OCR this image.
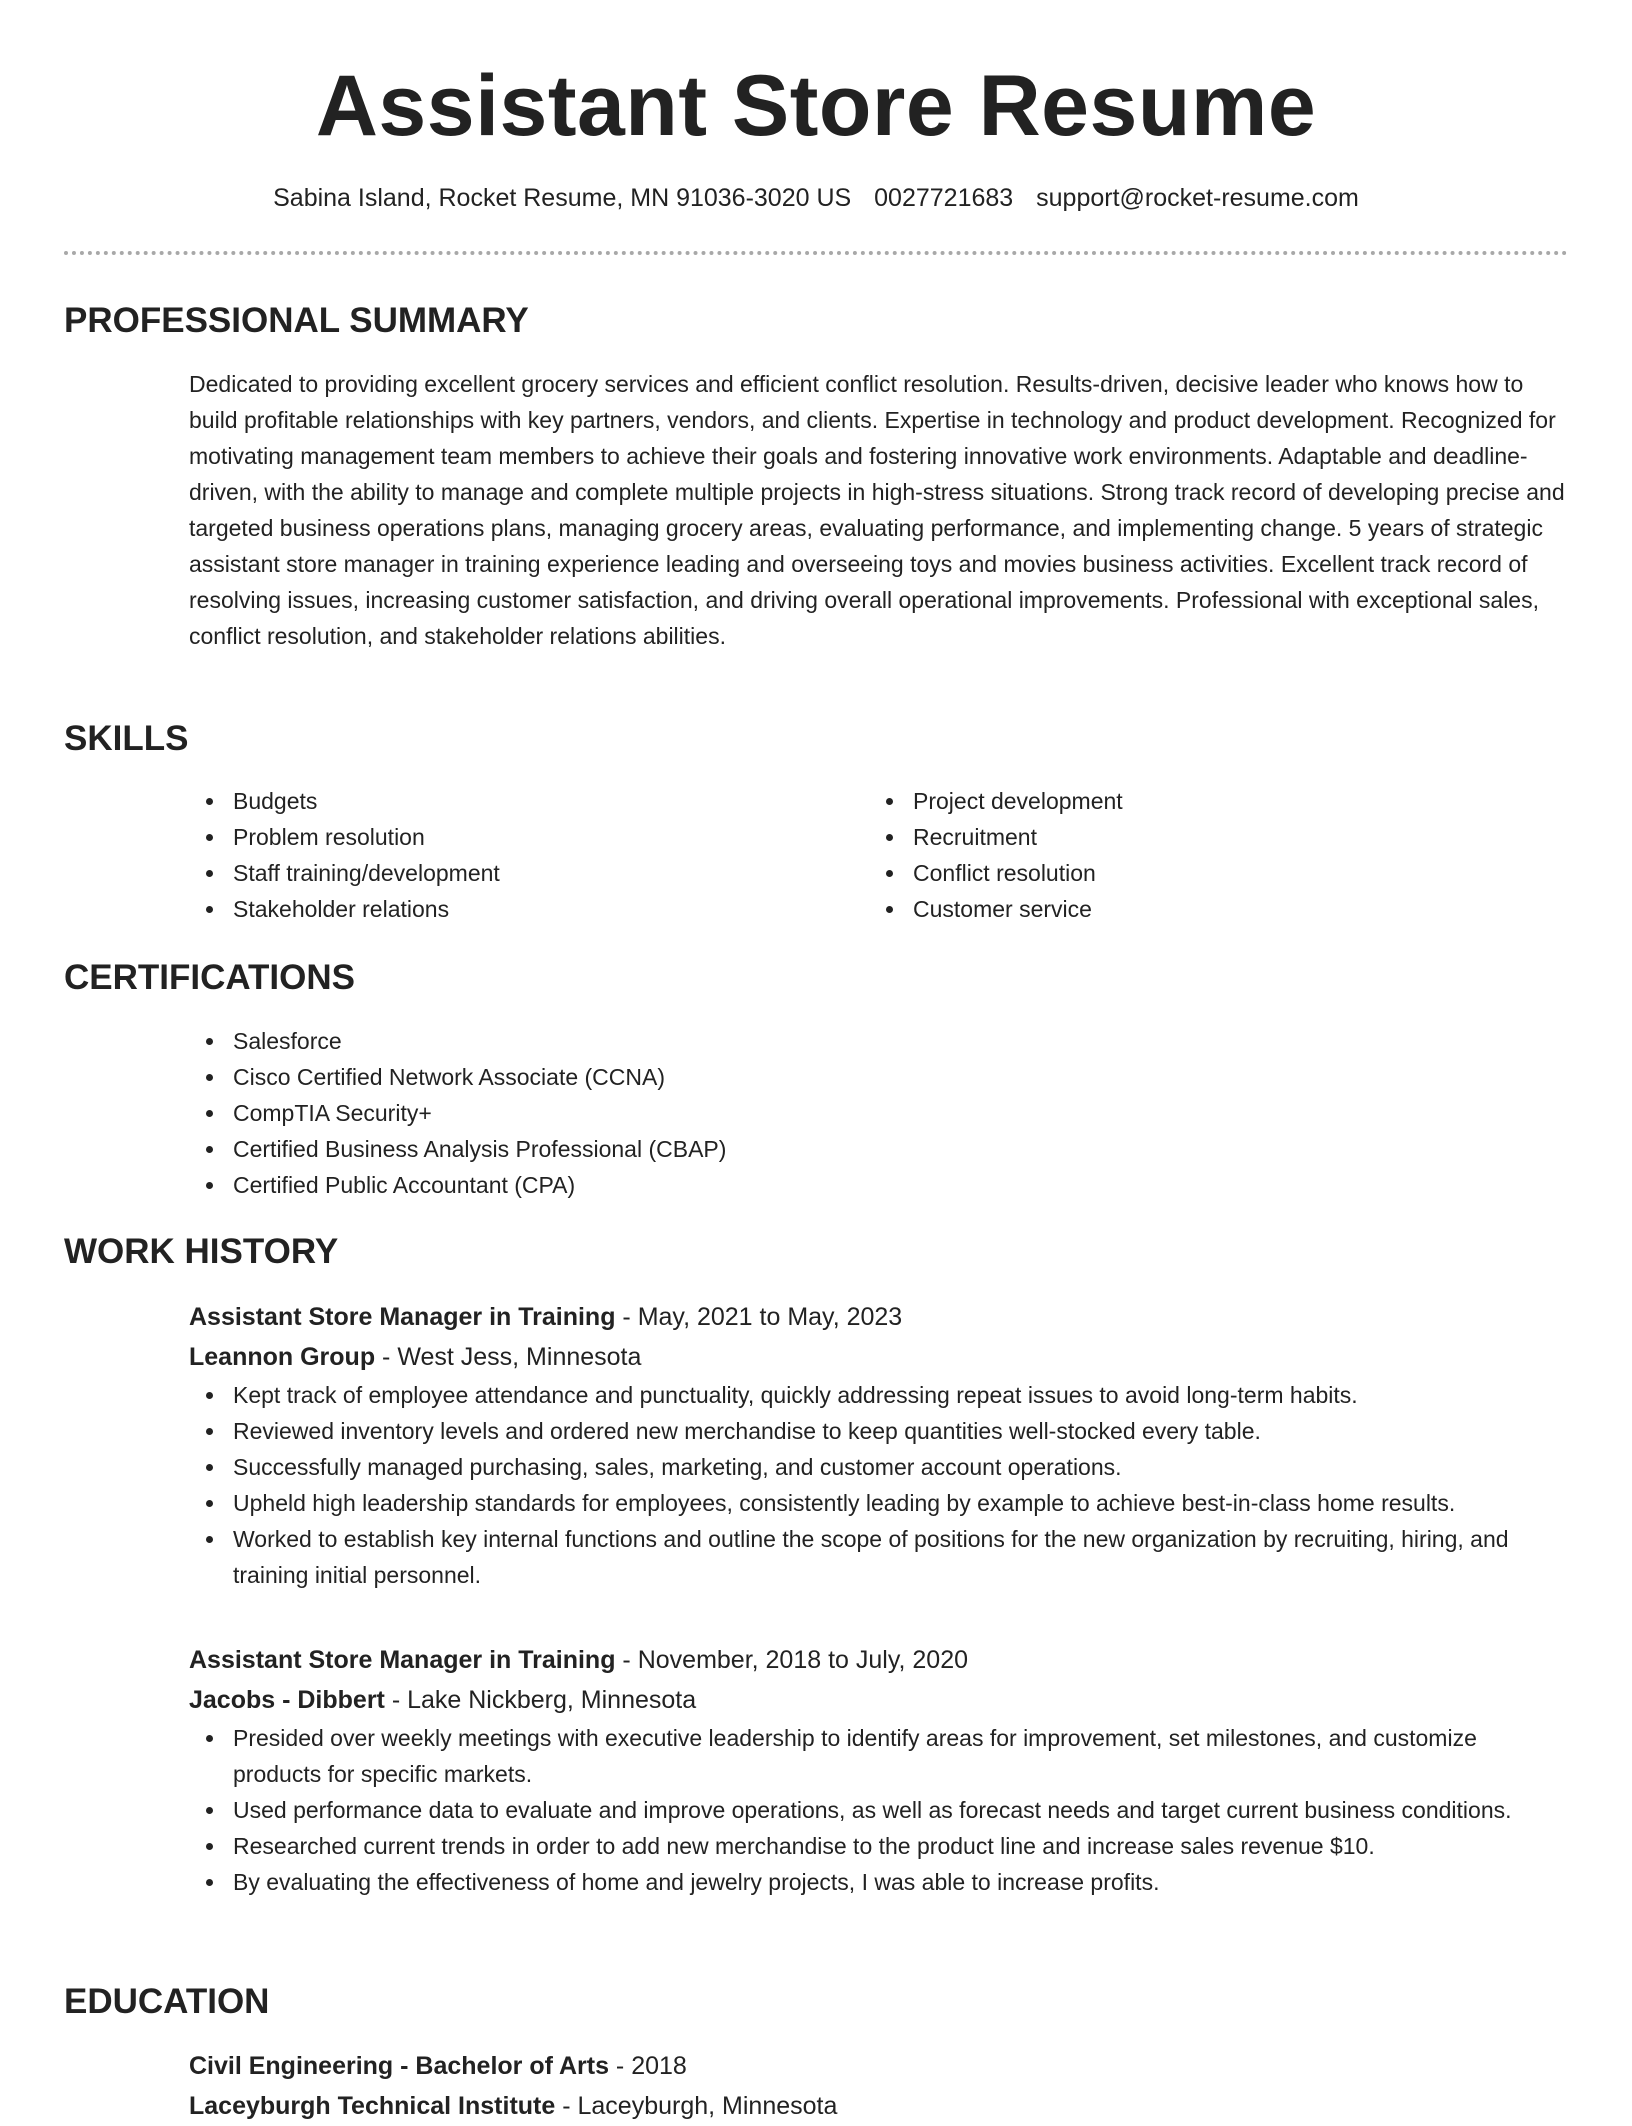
Assistant Store Resume
Sabina Island, Rocket Resume, MN 91036-3020 US 0027721683 support@rocket-resume.com
PROFESSIONAL SUMMARY

Dedicated to providing excellent grocery services and efficient conflict resolution. Results-driven, decisive leader who knows how to build profitable relationships with key partners, vendors, and clients. Expertise in technology and product development. Recognized for motivating management team members to achieve their goals and fostering innovative work environments. Adaptable and deadline-driven, with the ability to manage and complete multiple projects in high-stress situations. Strong track record of developing precise and targeted business operations plans, managing grocery areas, evaluating performance, and implementing change. 5 years of strategic assistant store manager in training experience leading and overseeing toys and movies business activities. Excellent track record of resolving issues, increasing customer satisfaction, and driving overall operational improvements. Professional with exceptional sales, conflict resolution, and stakeholder relations abilities.

SKILLS
Budgets
Problem resolution
Staff training/development
Stakeholder relations
Project development
Recruitment
Conflict resolution
Customer service
CERTIFICATIONS
Salesforce
Cisco Certified Network Associate (CCNA)
CompTIA Security+
Certified Business Analysis Professional (CBAP)
Certified Public Accountant (CPA)
WORK HISTORY
Assistant Store Manager in Training - May, 2021 to May, 2023
Leannon Group - West Jess, Minnesota
Kept track of employee attendance and punctuality, quickly addressing repeat issues to avoid long-term habits.
Reviewed inventory levels and ordered new merchandise to keep quantities well-stocked every table.
Successfully managed purchasing, sales, marketing, and customer account operations.
Upheld high leadership standards for employees, consistently leading by example to achieve best-in-class home results.
Worked to establish key internal functions and outline the scope of positions for the new organization by recruiting, hiring, and training initial personnel.
Assistant Store Manager in Training - November, 2018 to July, 2020
Jacobs - Dibbert - Lake Nickberg, Minnesota
Presided over weekly meetings with executive leadership to identify areas for improvement, set milestones, and customize products for specific markets.
Used performance data to evaluate and improve operations, as well as forecast needs and target current business conditions.
Researched current trends in order to add new merchandise to the product line and increase sales revenue $10.
By evaluating the effectiveness of home and jewelry projects, I was able to increase profits.
EDUCATION
Civil Engineering - Bachelor of Arts - 2018
Laceyburgh Technical Institute - Laceyburgh, Minnesota
